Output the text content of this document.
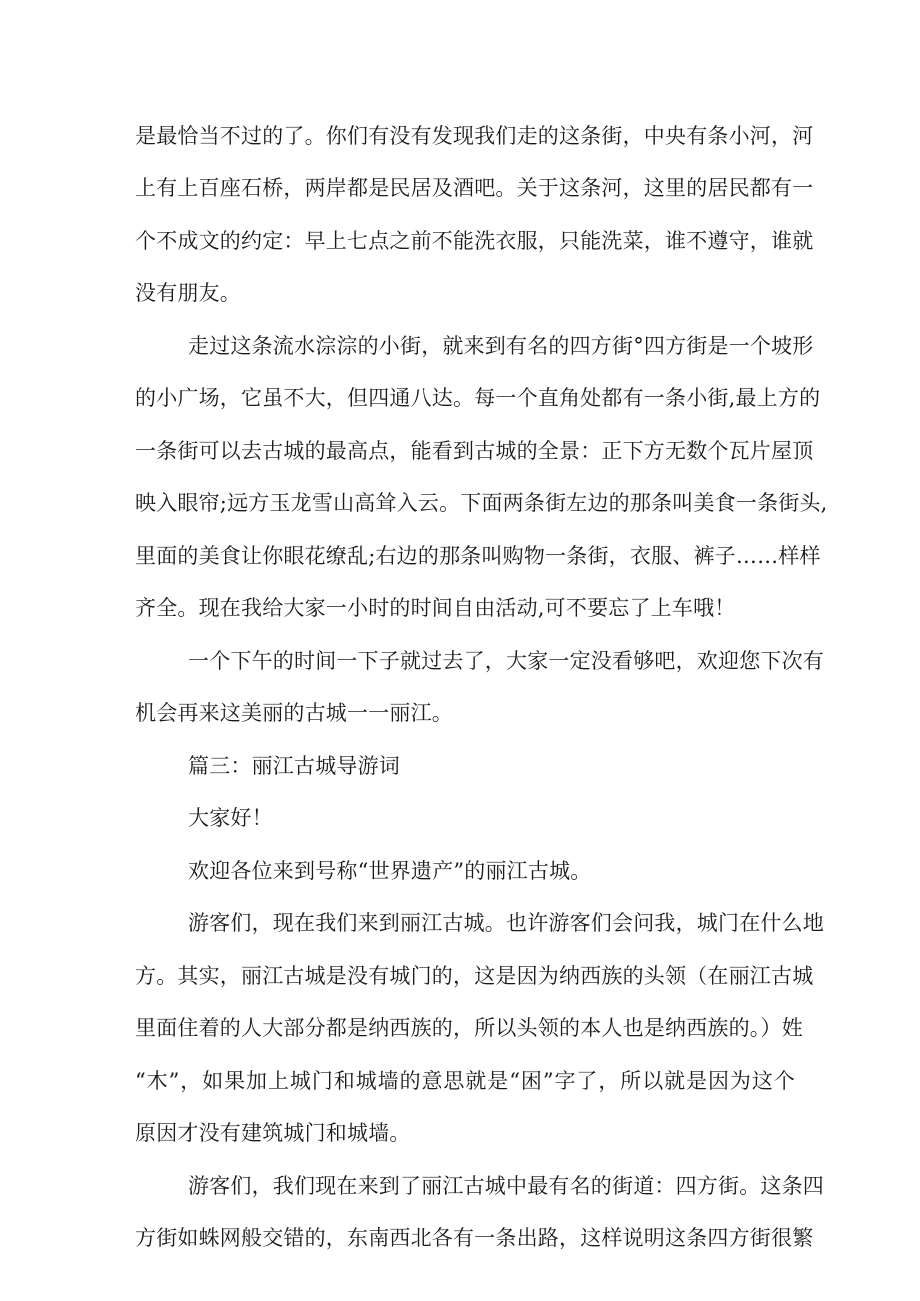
是最恰当不过的了。你们有没有发现我们走的这条街，中央有条小河，河
上有上百座石桥，两岸都是民居及酒吧。关于这条河，这里的居民都有一
个不成文的约定：早上七点之前不能洗衣服，只能洗菜，谁不遵守，谁就
没有朋友。
走过这条流水淙淙的小街，就来到有名的四方街°四方街是一个坡形
的小广场，它虽不大，但四通八达。每一个直角处都有一条小街,最上方的
一条街可以去古城的最高点，能看到古城的全景：正下方无数个瓦片屋顶
映入眼帘;远方玉龙雪山高耸入云。下面两条街左边的那条叫美食一条街头,
里面的美食让你眼花缭乱;右边的那条叫购物一条街，衣服、裤子……样样
齐全。现在我给大家一小时的时间自由活动,可不要忘了上车哦！
一个下午的时间一下子就过去了，大家一定没看够吧，欢迎您下次有
机会再来这美丽的古城一一丽江。
篇三：丽江古城导游词
大家好！
欢迎各位来到号称“世界遗产”的丽江古城。
游客们，现在我们来到丽江古城。也许游客们会问我，城门在什么地
方。其实，丽江古城是没有城门的，这是因为纳西族的头领（在丽江古城
里面住着的人大部分都是纳西族的，所以头领的本人也是纳西族的。）姓
“木”，如果加上城门和城墙的意思就是“困”字了，所以就是因为这个
原因才没有建筑城门和城墙。
游客们，我们现在来到了丽江古城中最有名的街道：四方街。这条四
方街如蛛网般交错的，东南西北各有一条出路，这样说明这条四方街很繁
